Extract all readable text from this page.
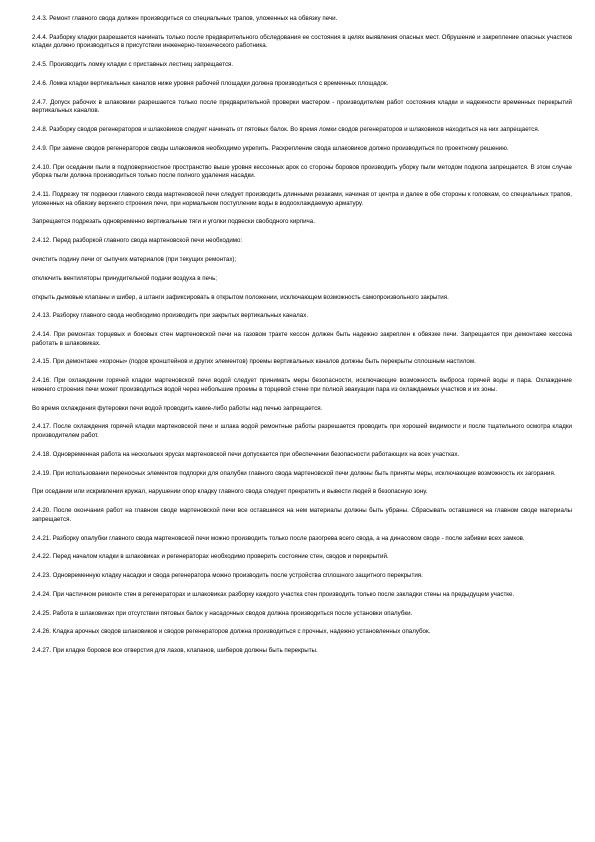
2.4.3. Ремонт главного свода должен производиться со специальных трапов, уложенных на обвязку печи.

2.4.4. Разборку кладки разрешается начинать только после предварительного обследования ее состояния в целях выявления опасных мест. Обрушение и закрепление опасных участков кладки должно производиться в присутствии инженерно-технического работника.

2.4.5. Производить ломку кладки с приставных лестниц запрещается.

2.4.6. Ломка кладки вертикальных каналов ниже уровня рабочей площадки должна производиться с временных площадок.

2.4.7. Допуск рабочих в шлаковики разрешается только после предварительной проверки мастером - производителем работ состояния кладки и надежности временных перекрытий вертикальных каналов.

2.4.8. Разборку сводов регенераторов и шлаковиков следует начинать от пятовых балок. Во время ломки сводов регенераторов и шлаковиков находиться на них запрещается.

2.4.9. При замене сводов регенераторов своды шлаковиков необходимо укрепить. Раскрепление свода шлаковиков должно производиться по проектному решению.

2.4.10. При оседании пыли в подповерхностное пространство выше уровня кессонных арок со стороны боровов производить уборку пыли методом подкопа запрещается. В этом случае уборка пыли должна производиться только после полного удаления насадки.

2.4.11. Подрезку тяг подвески главного свода мартеновской печи следует производить длинными резаками, начиная от центра и далее в обе стороны к головкам, со специальных трапов, уложенных на обвязку верхнего строения печи, при нормальном поступлении воды в водоохлаждаемую арматуру.

Запрещается подрезать одновременно вертикальные тяги и уголки подвески свободного кирпича.

2.4.12. Перед разборкой главного свода мартеновской печи необходимо:

очистить подину печи от сыпучих материалов (при текущих ремонтах);

отключить вентиляторы принудительной подачи воздуха в печь;

открыть дымовые клапаны и шибер, а штанги зафиксировать в открытом положении, исключающем возможность самопроизвольного закрытия.

2.4.13. Разборку главного свода необходимо производить при закрытых вертикальных каналах.

2.4.14. При ремонтах торцевых и боковых стен мартеновской печи на газовом тракте кессон должен быть надежно закреплен к обвязке печи. Запрещается при демонтаже кессона работать в шлаковиках.

2.4.15. При демонтаже «короны» (подов кронштейнов и других элементов) проемы вертикальных каналов должны быть перекрыты сплошным настилом.

2.4.16. При охлаждении горячей кладки мартеновской печи водой следует принимать меры безопасности, исключающие возможность выброса горячей воды и пара. Охлаждение нижнего строения печи может производиться водой через небольшие проемы в торцевой стене при полной эвакуации пара из охлаждаемых участков и их зоны.

Во время охлаждения футеровки печи водой проводить какие-либо работы над печью запрещается.

2.4.17. После охлаждения горячей кладки мартеновской печи и шлака водой ремонтные работы разрешается проводить при хорошей видимости и после тщательного осмотра кладки производителем работ.

2.4.18. Одновременная работа на нескольких ярусах мартеновской печи допускается при обеспечении безопасности работающих на всех участках.

2.4.19. При использовании переносных элементов подпорки для опалубки главного свода мартеновской печи должны быть приняты меры, исключающие возможность их загорания.

При оседании или искривлении кружал, нарушении опор кладку главного свода следует прекратить и вывести людей в безопасную зону.

2.4.20. После окончания работ на главном своде мартеновской печи все оставшиеся на нем материалы должны быть убраны. Сбрасывать оставшиеся на главном своде материалы запрещается.

2.4.21. Разборку опалубки главного свода мартеновской печи можно производить только после разогрева всего свода, а на динасовом своде - после забивки всех замков.

2.4.22. Перед началом кладки в шлаковиках и регенераторах необходимо проверить состояние стен, сводов и перекрытий.

2.4.23. Одновременную кладку насадки и свода регенератора можно производить после устройства сплошного защитного перекрытия.

2.4.24. При частичном ремонте стен в регенераторах и шлаковиках разборку каждого участка стен производить только после закладки стены на предыдущем участке.

2.4.25. Работа в шлаковиках при отсутствии пятовых балок у насадочных сводов должна производиться после установки опалубки.

2.4.26. Кладка арочных сводов шлаковиков и сводов регенераторов должна производиться с прочных, надежно установленных опалубок.

2.4.27. При кладке боровов все отверстия для лазов, клапанов, шиберов должны быть перекрыты.
